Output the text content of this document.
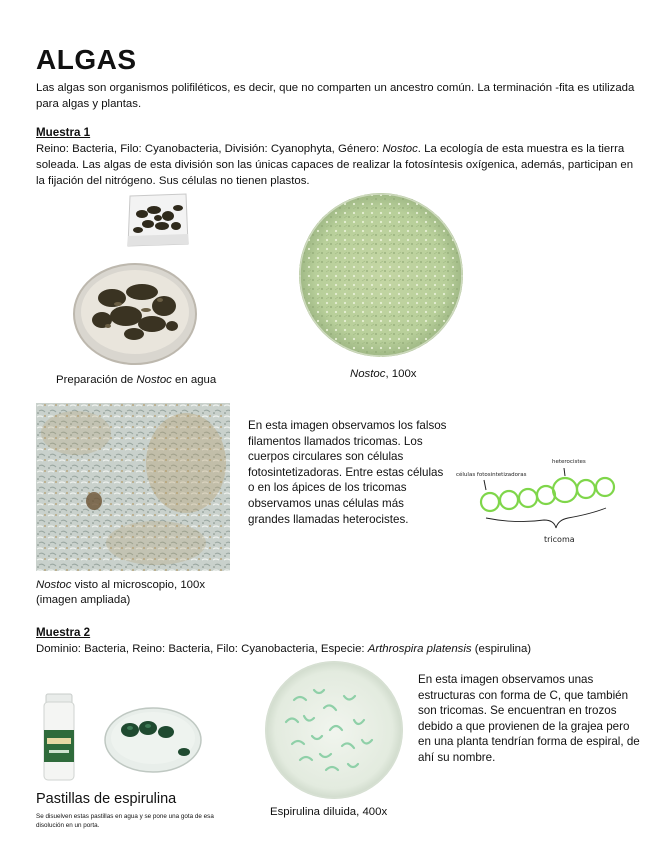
ALGAS
Las algas son organismos polifiléticos, es decir, que no comparten un ancestro común. La terminación -fita es utilizada para algas y plantas.
Muestra 1
Reino: Bacteria, Filo: Cyanobacteria, División: Cyanophyta, Género: Nostoc. La ecología de esta muestra es la tierra soleada. Las algas de esta división son las únicas capaces de realizar la fotosíntesis oxígenica, además, participan en la fijación del nitrógeno. Sus células no tienen plastos.
Preparación de Nostoc en agua	Nostoc, 100x
Nostoc visto al microscopio, 100x (imagen ampliada)
En esta imagen observamos los falsos filamentos llamados tricomas. Los cuerpos circulares son células fotosintetizadoras. Entre estas células o en los ápices de los tricomas observamos unas células más grandes llamadas heterocistes.
células fotosintetizadoras
heterocistes
tricoma
Muestra 2
Dominio: Bacteria, Reino: Bacteria, Filo: Cyanobacteria, Especie: Arthrospira platensis (espirulina)
Pastillas de espirulina
Se disuelven estas pastillas en agua y se pone una gota de esa disolución en un porta.
Espirulina diluida, 400x
En esta imagen observamos unas estructuras con forma de C, que también son tricomas. Se encuentran en trozos debido a que provienen de la grajea pero en una planta tendrían forma de espiral, de ahí su nombre.
